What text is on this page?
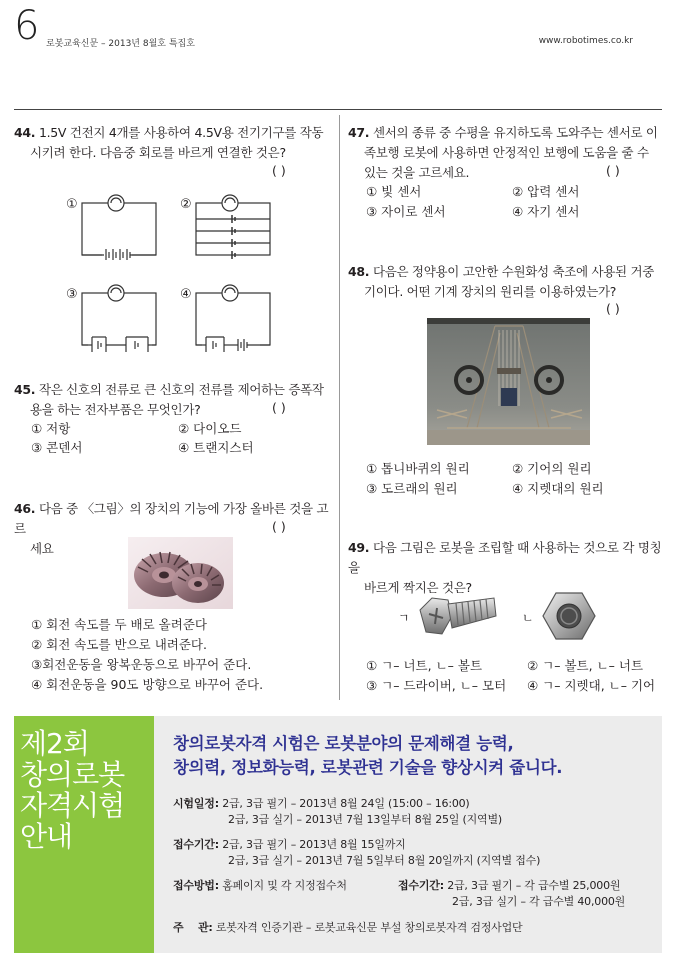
6 로봇교육신문 – 2013년 8월호 특집호	www.robotimes.co.kr
44. 1.5V 건전지 4개를 사용하여 4.5V용 전기기구를 작동
시키려 한다. 다음중 회로를 바르게 연결한 것은?
( )
①	②
③	④
45. 작은 신호의 전류로 큰 신호의 전류를 제어하는 증폭작
용을 하는 전자부품은 무엇인가?	( )
① 저항	② 다이오드
③ 콘덴서	④ 트랜지스터
46. 다음 중 〈그림〉의 장치의 기능에 가장 올바른 것을 고르
세요
( )
① 회전 속도를 두 배로 올려준다
② 회전 속도를 반으로 내려준다.
③회전운동을 왕복운동으로 바꾸어 준다.
④ 회전운동을 90도 방향으로 바꾸어 준다.
47. 센서의 종류 중 수평을 유지하도록 도와주는 센서로 이
족보행 로봇에 사용하면 안정적인 보행에 도움을 줄 수
있는 것을 고르세요.	( )
① 빛 센서	② 압력 센서
③ 자이로 센서	④ 자기 센서
48. 다음은 정약용이 고안한 수원화성 축조에 사용된 거중
기이다. 어떤 기계 장치의 원리를 이용하였는가?
( )
① 톱니바퀴의 원리	② 기어의 원리
③ 도르래의 원리	④ 지렛대의 원리
49. 다음 그림은 로봇을 조립할 때 사용하는 것으로 각 명칭을
바르게 짝지은 것은?
ㄱ	ㄴ
① ㄱ– 너트, ㄴ– 볼트	② ㄱ– 볼트, ㄴ– 너트
③ ㄱ– 드라이버, ㄴ– 모터 ④ ㄱ– 지렛대, ㄴ– 기어
제2회
창의로봇
자격시험
안내
창의로봇자격 시험은 로봇분야의 문제해결 능력,
창의력, 정보화능력, 로봇관련 기술을 향상시켜 줍니다.
시험일정: 2급, 3급 필기 – 2013년 8월 24일 (15:00 – 16:00)
2급, 3급 실기 – 2013년 7월 13일부터 8월 25일 (지역별)
접수기간: 2급, 3급 필기 – 2013년 8월 15일까지
2급, 3급 실기 – 2013년 7월 5일부터 8월 20일까지 (지역별 접수)
접수방법: 홈페이지 및 각 지정접수처	접수기간: 2급, 3급 필기 – 각 급수별 25,000원
2급, 3급 실기 – 각 급수별 40,000원
주    관: 로봇자격 인증기관 – 로봇교육신문 부설 창의로봇자격 검정사업단
